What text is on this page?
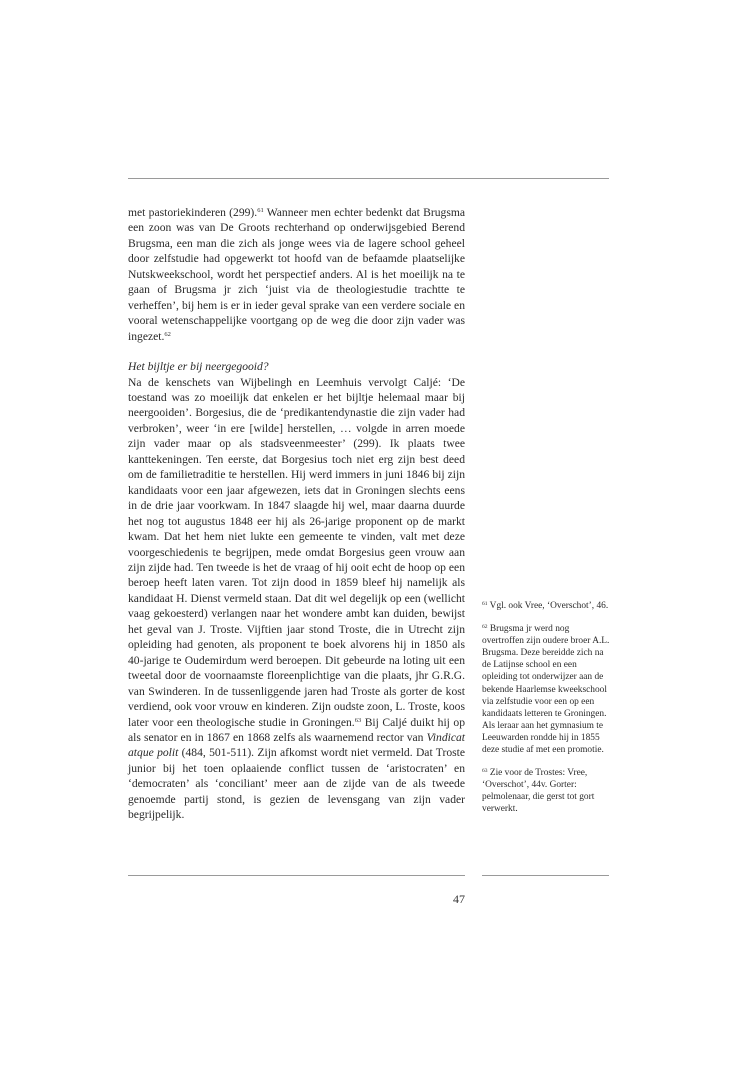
met pastoriekinderen (299).$^{61}$ Wanneer men echter bedenkt dat Brugsma een zoon was van De Groots rechterhand op onderwijsgebied Berend Brugsma, een man die zich als jonge wees via de lagere school geheel door zelfstudie had opgewerkt tot hoofd van de befaamde plaatselijke Nutskweekschool, wordt het perspectief anders. Al is het moeilijk na te gaan of Brugsma jr zich ‘juist via de theologiestudie trachtte te verheffen’, bij hem is er in ieder geval sprake van een verdere sociale en vooral wetenschappelijke voortgang op de weg die door zijn vader was ingezet.$^{62}$

Het bijltje er bij neergegooid?

Na de kenschets van Wijbelingh en Leemhuis vervolgt Caljé: ‘De toestand was zo moeilijk dat enkelen er het bijltje helemaal maar bij neergooiden’. Borgesius, die de ‘predikantendynastie die zijn vader had verbroken’, weer ‘in ere [wilde] herstellen, … volgde in arren moede zijn vader maar op als stadsveenmeester’ (299). Ik plaats twee kanttekeningen. Ten eerste, dat Borgesius toch niet erg zijn best deed om de familietraditie te herstellen. Hij werd immers in juni 1846 bij zijn kandidaats voor een jaar afgewezen, iets dat in Groningen slechts eens in de drie jaar voorkwam. In 1847 slaagde hij wel, maar daarna duurde het nog tot augustus 1848 eer hij als 26-jarige proponent op de markt kwam. Dat het hem niet lukte een gemeente te vinden, valt met deze voorgeschiedenis te begrijpen, mede omdat Borgesius geen vrouw aan zijn zijde had. Ten tweede is het de vraag of hij ooit echt de hoop op een beroep heeft laten varen. Tot zijn dood in 1859 bleef hij namelijk als kandidaat H. Dienst vermeld staan. Dat dit wel degelijk op een (wellicht vaag gekoesterd) verlangen naar het wondere ambt kan duiden, bewijst het geval van J. Troste. Vijftien jaar stond Troste, die in Utrecht zijn opleiding had genoten, als proponent te boek alvorens hij in 1850 als 40-jarige te Oudemirdum werd beroepen. Dit gebeurde na loting uit een tweetal door de voornaamste floreenplichtige van die plaats, jhr G.R.G. van Swinderen. In de tussenliggende jaren had Troste als gorter de kost verdiend, ook voor vrouw en kinderen. Zijn oudste zoon, L. Troste, koos later voor een theologische studie in Groningen.$^{63}$ Bij Caljé duikt hij op als senator en in 1867 en 1868 zelfs als waarnemend rector van Vindicat atque polit (484, 501-511). Zijn afkomst wordt niet vermeld. Dat Troste junior bij het toen oplaaiende conflict tussen de ‘aristocraten’ en ‘democraten’ als ‘conciliant’ meer aan de zijde van de als tweede genoemde partij stond, is gezien de levensgang van zijn vader begrijpelijk.

$^{61}$ Vgl. ook Vree, ‘Overschot’, 46.

$^{62}$ Brugsma jr werd nog overtroffen zijn oudere broer A.L. Brugsma. Deze bereidde zich na de Latijnse school en een opleiding tot onderwijzer aan de bekende Haarlemse kweekschool via zelfstudie voor een op een kandidaats letteren te Groningen. Als leraar aan het gymnasium te Leeuwarden rondde hij in 1855 deze studie af met een promotie.

$^{63}$ Zie voor de Trostes: Vree, ‘Overschot’, 44v. Gorter: pelmolenaar, die gerst tot gort verwerkt.

47
